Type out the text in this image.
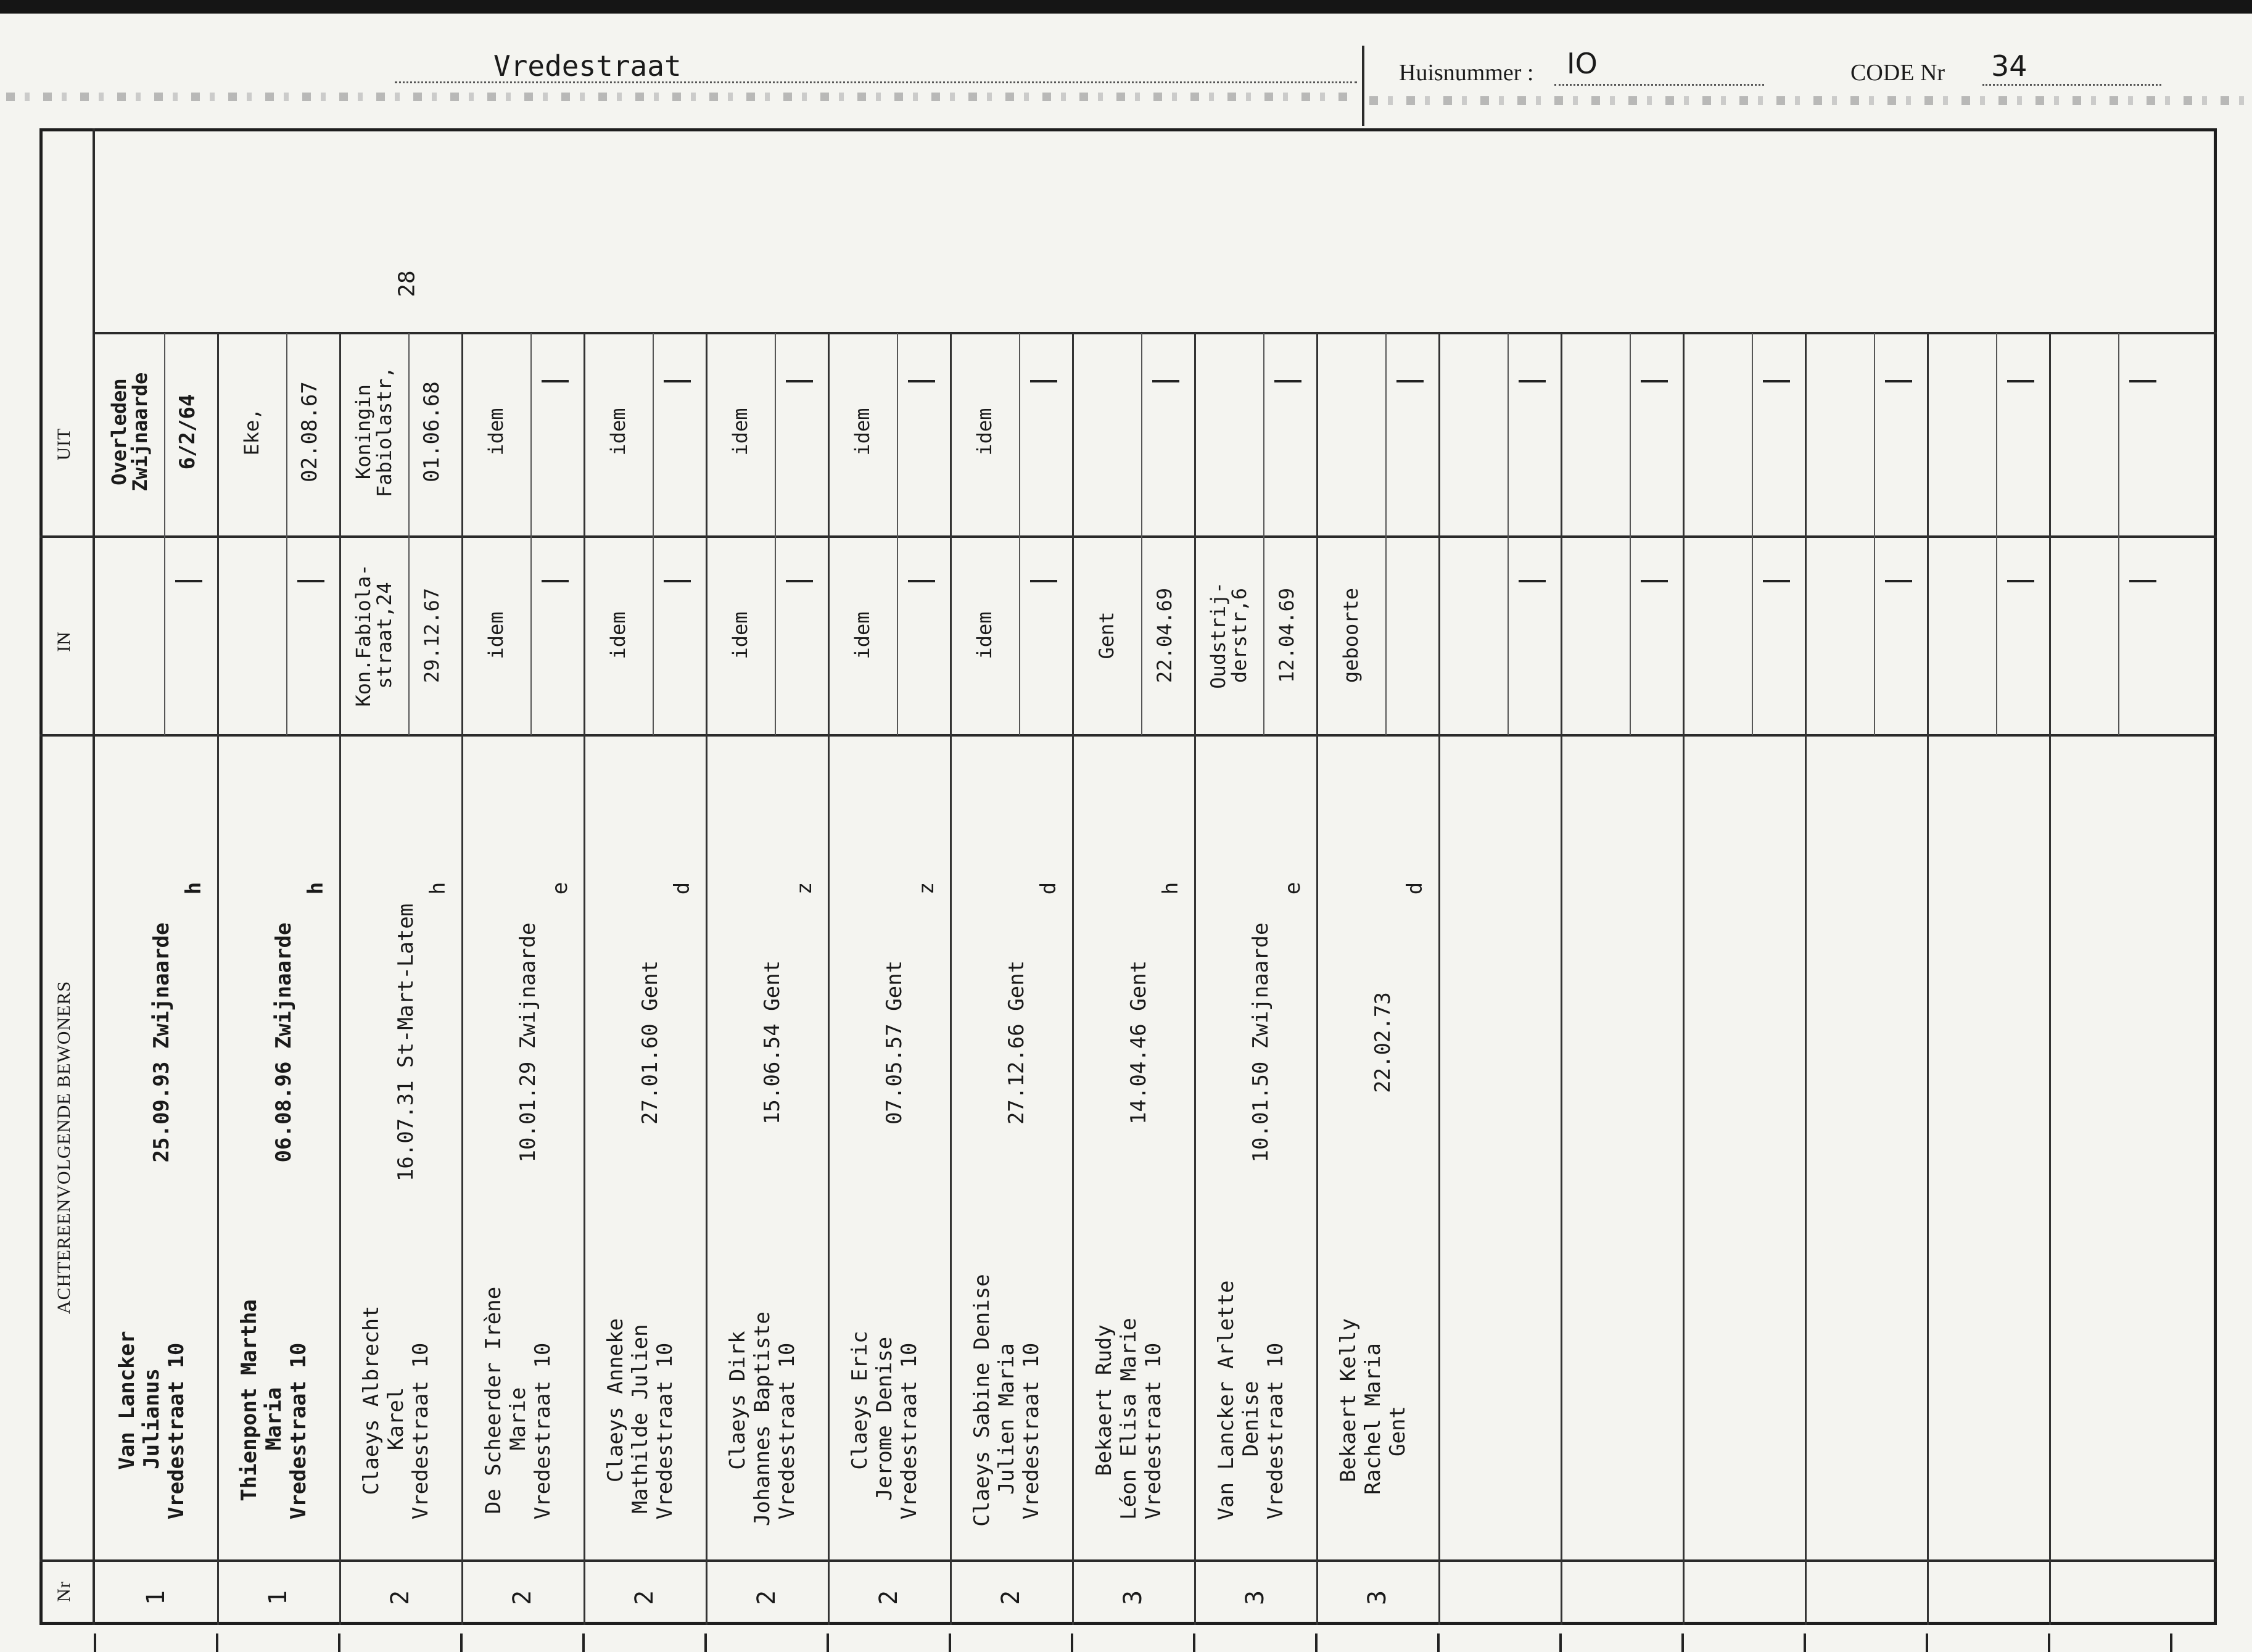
Vredestraat	Huisnummer : IO	CODE Nr 34
UIT
IN
ACHTEREENVOLGENDE BEWONERS
Nr
28
1
Van Lancker Julianus Vredestraat 10
25.09.93 Zwijnaarde
h
Overleden
Zwijnaarde 6/2/64
1
Thienpont Martha Maria Vredestraat 10
06.08.96 Zwijnaarde
h
Eke, 02.08.67
2
Claeys Albrecht Karel Vredestraat 10
16.07.31 St-Mart-Latem
h
Kon.Fabiola-
straat,24 29.12.67
Koningin
Fabiolastr, 01.06.68
2
De Scheerder Irène Marie Vredestraat 10
10.01.29 Zwijnaarde
e
idem
idem
2
Claeys Anneke Mathilde Julien Vredestraat 10
27.01.60 Gent
d
idem
idem
2
Claeys Dirk Johannes Baptiste Vredestraat 10
15.06.54 Gent
z
idem
idem
2
Claeys Eric Jerome Denise Vredestraat 10
07.05.57 Gent
z
idem
idem
2
Claeys Sabine Denise Julien Maria Vredestraat 10
27.12.66 Gent
d
idem
idem
3
Bekaert Rudy Léon Elisa Marie Vredestraat 10
14.04.46 Gent
h
Gent 22.04.69
3
Van Lancker Arlette Denise Vredestraat 10
10.01.50 Zwijnaarde
e
Oudstrij-
derstr,6 12.04.69
3
Bekaert Kelly Rachel Maria Gent
22.02.73
d
geboorte
